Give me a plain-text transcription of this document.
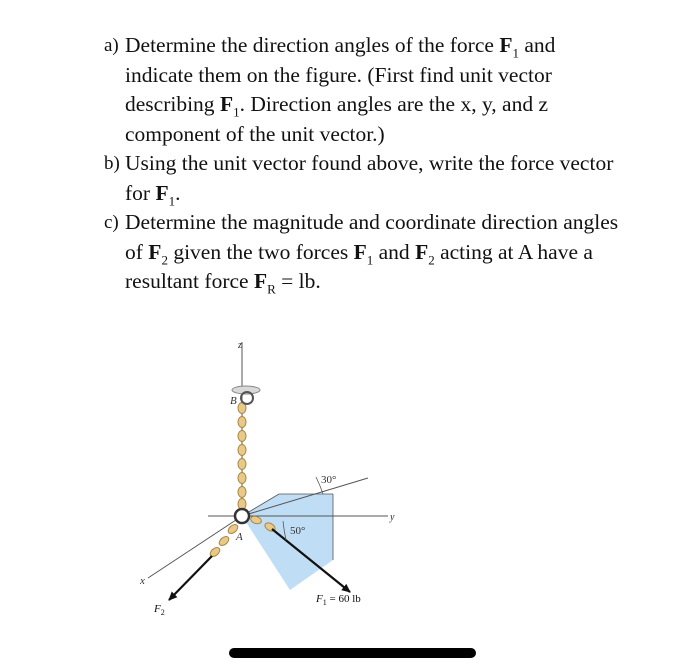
a) Determine the direction angles of the force $F_1$ and indicate them on the figure. (First find unit vector describing $F_1$. Direction angles are the x, y, and z component of the unit vector.)
b) Using the unit vector found above, write the force vector for $F_1$.
c) Determine the magnitude and coordinate direction angles of $F_2$ given the two forces $F_1$ and $F_2$ acting at A have a resultant force $F_R$ = lb.
z
B
30°
y
50°
A
x
$F_1 = 60$ lb
$F_2$
